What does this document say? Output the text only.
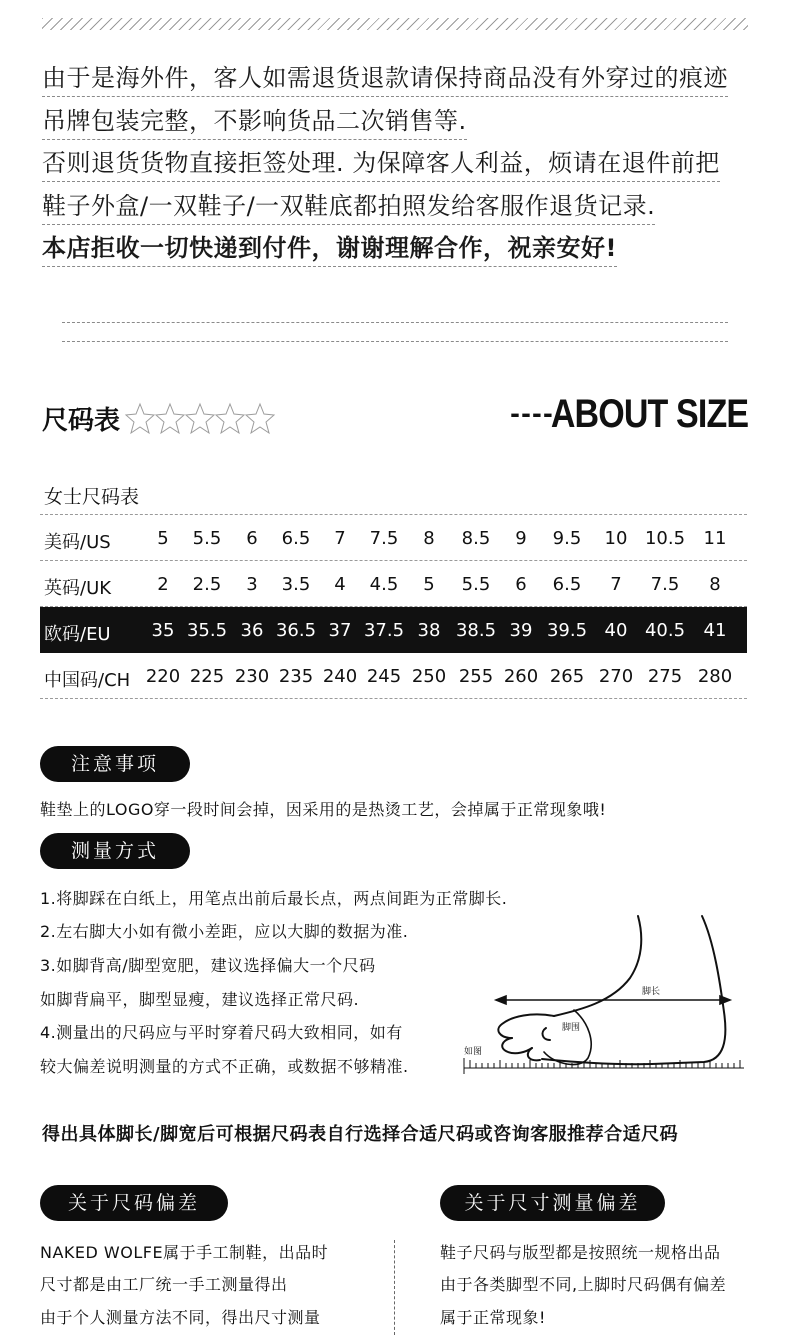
由于是海外件，客人如需退货退款请保持商品没有外穿过的痕迹
吊牌包装完整，不影响货品二次销售等.
否则退货货物直接拒签处理. 为保障客人利益，烦请在退件前把
鞋子外盒/一双鞋子/一双鞋底都拍照发给客服作退货记录.
本店拒收一切快递到付件，谢谢理解合作，祝亲安好!
尺码表	----
ABOUT SIZE
女士尺码表
美码/US	5	5.5	6	6.5	7	7.5	8	8.5	9	9.5	10 10.5	11
英码/UK	2	2.5	3	3.5	4	4.5	5	5.5	6	6.5	7	7.5	8
欧码/EU	35 35.5 36 36.5 37 37.5 38 38.5 39 39.5 40 40.5	41
中国码/CH 220 225 230 235 240 245 250 255 260 265 270 275 280
注意事项
鞋垫上的LOGO穿一段时间会掉，因采用的是热烫工艺，会掉属于正常现象哦!
测量方式
1.将脚踩在白纸上，用笔点出前后最长点，两点间距为正常脚长.
2.左右脚大小如有微小差距，应以大脚的数据为准.
3.如脚背高/脚型宽肥，建议选择偏大一个尺码
如脚背扁平，脚型显瘦，建议选择正常尺码.
4.测量出的尺码应与平时穿着尺码大致相同，如有
较大偏差说明测量的方式不正确，或数据不够精准.
脚长
脚围
如图
得出具体脚长/脚宽后可根据尺码表自行选择合适尺码或咨询客服推荐合适尺码
关于尺码偏差	关于尺寸测量偏差
NAKED WOLFE属于手工制鞋，出品时
尺寸都是由工厂统一手工测量得出
由于个人测量方法不同，得出尺寸测量
鞋子尺码与版型都是按照统一规格出品
由于各类脚型不同,上脚时尺码偶有偏差
属于正常现象!
